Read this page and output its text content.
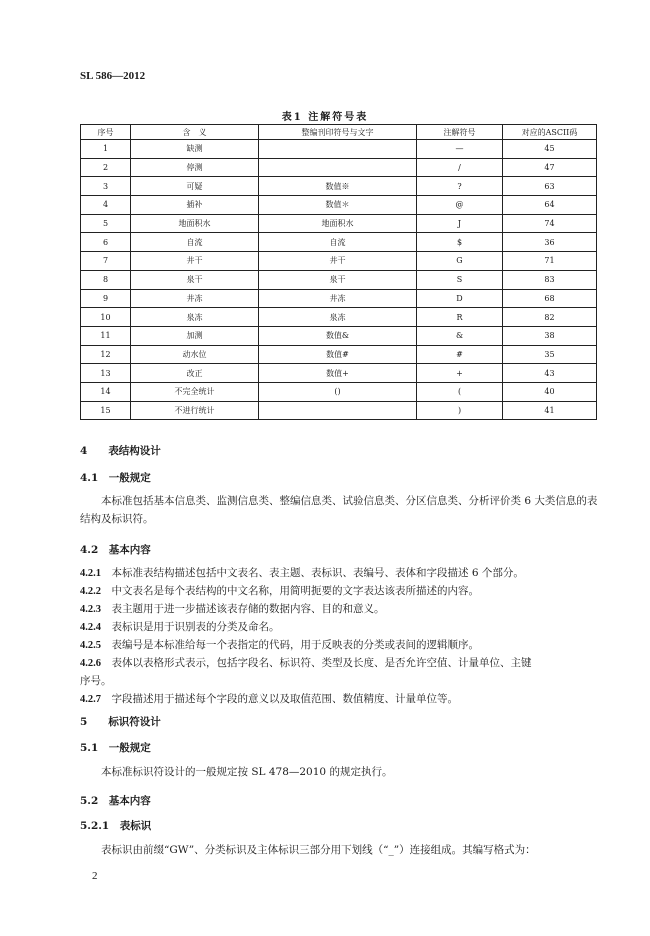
SL 586—2012
表1 注解符号表
序号	含　义	整编刊印符号与文字	注解符号	对应的ASCII码
1	缺测		—	45
2	停测		/	47
3	可疑	数值※	?	63
4	插补	数值＊	@	64
5	地面积水	地面积水	J	74
6	自流	自流	$	36
7	井干	井干	G	71
8	泉干	泉干	S	83
9	井冻	井冻	D	68
10	泉冻	泉冻	R	82
11	加测	数值&	&	38
12	动水位	数值#	#	35
13	改正	数值+	+	43
14	不完全统计	()	(	40
15	不进行统计		)	41
4　　 表结构设计
4.1　 一般规定
本标准包括基本信息类、监测信息类、整编信息类、试验信息类、分区信息类、分析评价类 6 大类信息的表结构及标识符。
4.2　 基本内容
4.2.1　 本标准表结构描述包括中文表名、表主题、表标识、表编号、表体和字段描述 6 个部分。
4.2.2　 中文表名是每个表结构的中文名称，用简明扼要的文字表达该表所描述的内容。
4.2.3　 表主题用于进一步描述该表存储的数据内容、目的和意义。
4.2.4　 表标识是用于识别表的分类及命名。
4.2.5　 表编号是本标准给每一个表指定的代码，用于反映表的分类或表间的逻辑顺序。
4.2.6　 表体以表格形式表示，包括字段名、标识符、类型及长度、是否允许空值、计量单位、主键
序号。
4.2.7　 字段描述用于描述每个字段的意义以及取值范围、数值精度、计量单位等。
5　　 标识符设计
5.1　 一般规定
本标准标识符设计的一般规定按 SL 478—2010 的规定执行。
5.2　 基本内容
5.2.1　 表标识
表标识由前缀“GW”、分类标识及主体标识三部分用下划线（“_”）连接组成。其编写格式为：
2
